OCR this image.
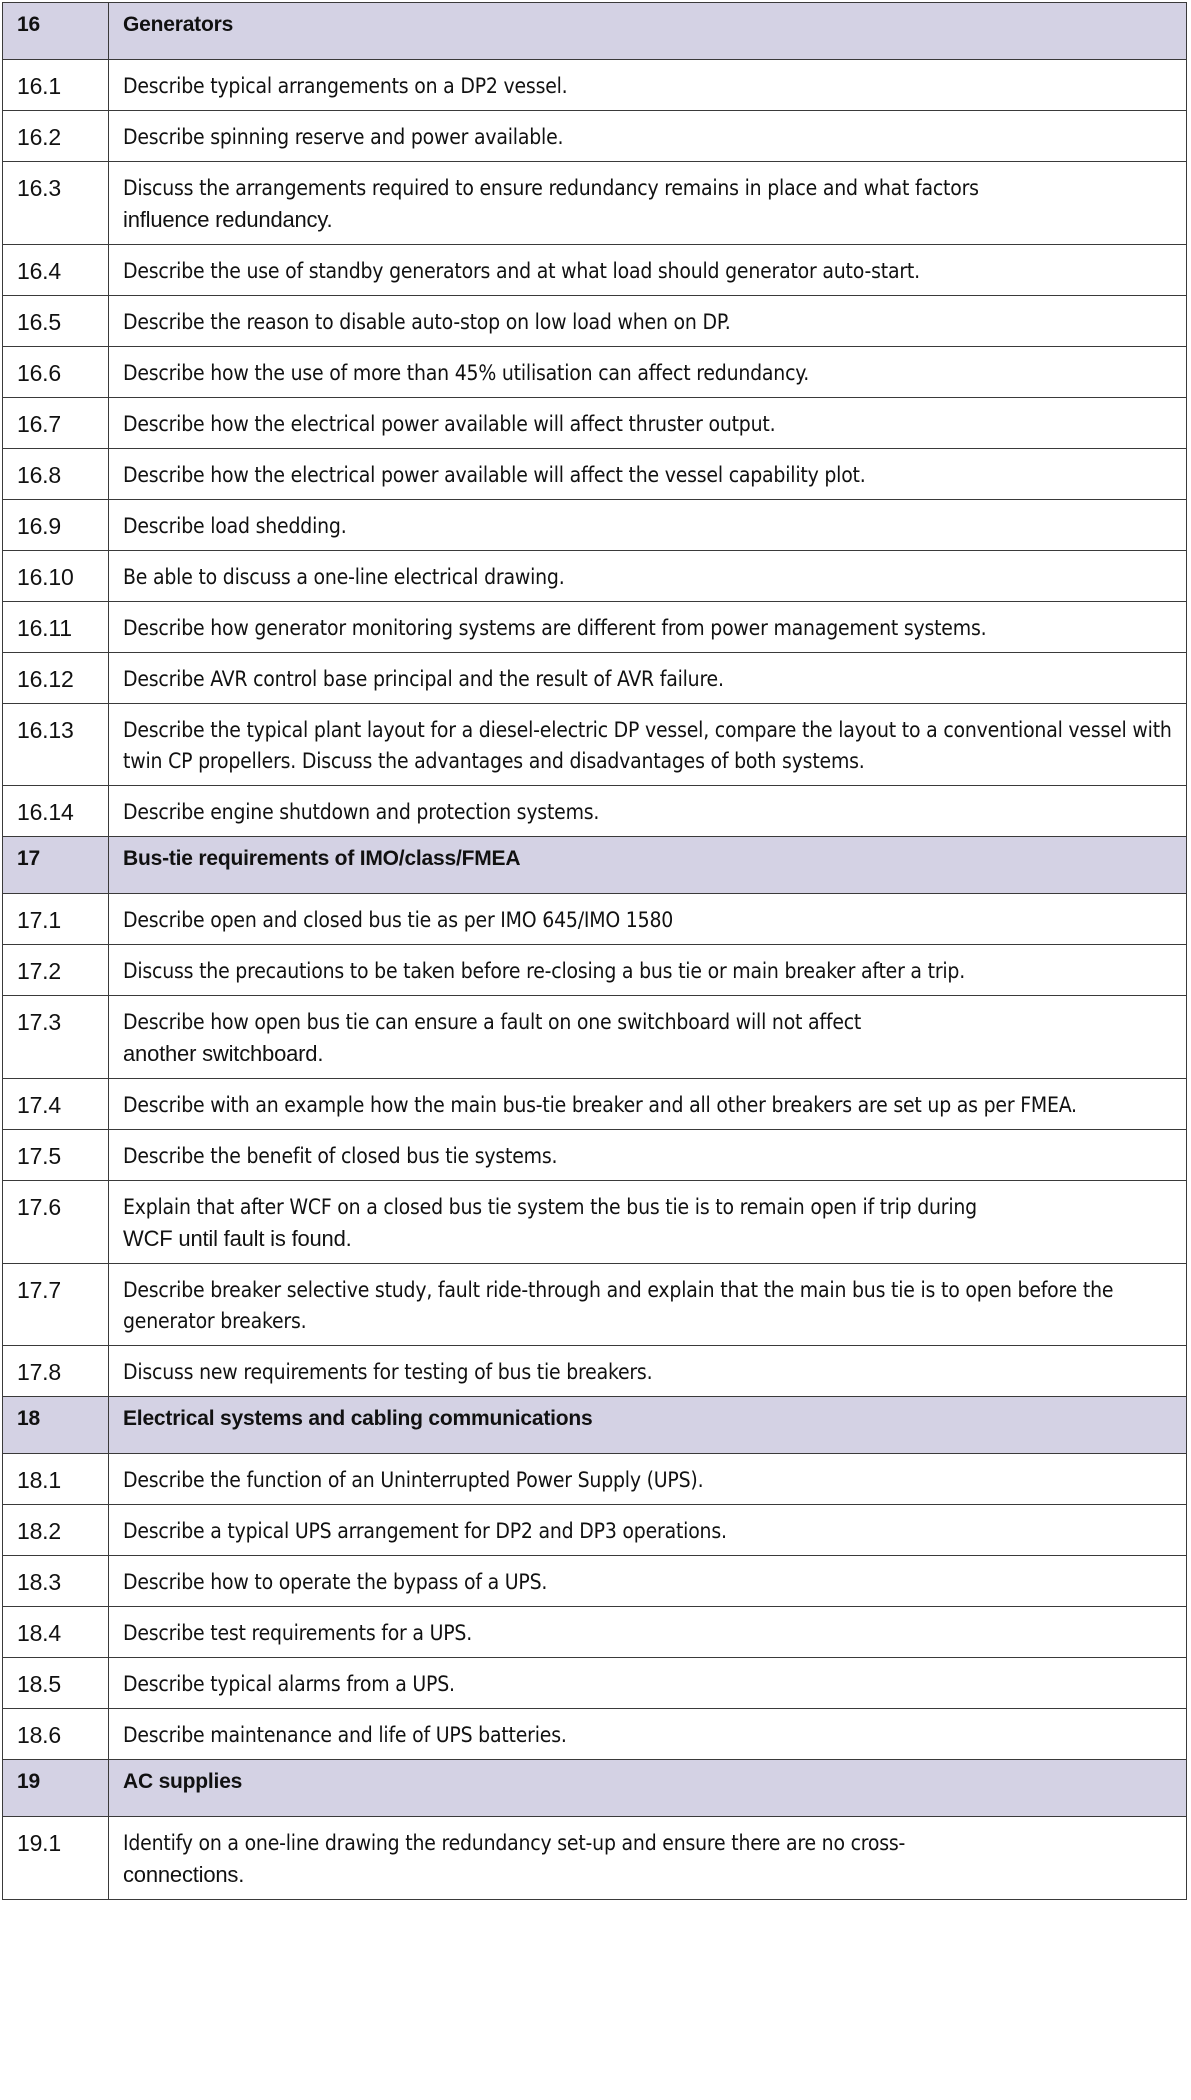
16	Generators
16.1	Describe typical arrangements on a DP2 vessel.
16.2	Describe spinning reserve and power available.
16.3	Discuss the arrangements required to ensure redundancy remains in place and what factors
influence redundancy.
16.4	Describe the use of standby generators and at what load should generator auto-start.
16.5	Describe the reason to disable auto-stop on low load when on DP.
16.6	Describe how the use of more than 45% utilisation can affect redundancy.
16.7	Describe how the electrical power available will affect thruster output.
16.8	Describe how the electrical power available will affect the vessel capability plot.
16.9	Describe load shedding.
16.10	Be able to discuss a one-line electrical drawing.
16.11	Describe how generator monitoring systems are different from power management systems.
16.12	Describe AVR control base principal and the result of AVR failure.
16.13	Describe the typical plant layout for a diesel-electric DP vessel, compare the layout to a conventional vessel with twin CP propellers. Discuss the advantages and disadvantages of both systems.
16.14	Describe engine shutdown and protection systems.
17	Bus-tie requirements of IMO/class/FMEA
17.1	Describe open and closed bus tie as per IMO 645/IMO 1580
17.2	Discuss the precautions to be taken before re-closing a bus tie or main breaker after a trip.
17.3	Describe how open bus tie can ensure a fault on one switchboard will not affect
another switchboard.
17.4	Describe with an example how the main bus-tie breaker and all other breakers are set up as per FMEA.
17.5	Describe the benefit of closed bus tie systems.
17.6	Explain that after WCF on a closed bus tie system the bus tie is to remain open if trip during
WCF until fault is found.
17.7	Describe breaker selective study, fault ride-through and explain that the main bus tie is to open before the generator breakers.
17.8	Discuss new requirements for testing of bus tie breakers.
18	Electrical systems and cabling communications
18.1	Describe the function of an Uninterrupted Power Supply (UPS).
18.2	Describe a typical UPS arrangement for DP2 and DP3 operations.
18.3	Describe how to operate the bypass of a UPS.
18.4	Describe test requirements for a UPS.
18.5	Describe typical alarms from a UPS.
18.6	Describe maintenance and life of UPS batteries.
19	AC supplies
19.1	Identify on a one-line drawing the redundancy set-up and ensure there are no cross-
connections.
